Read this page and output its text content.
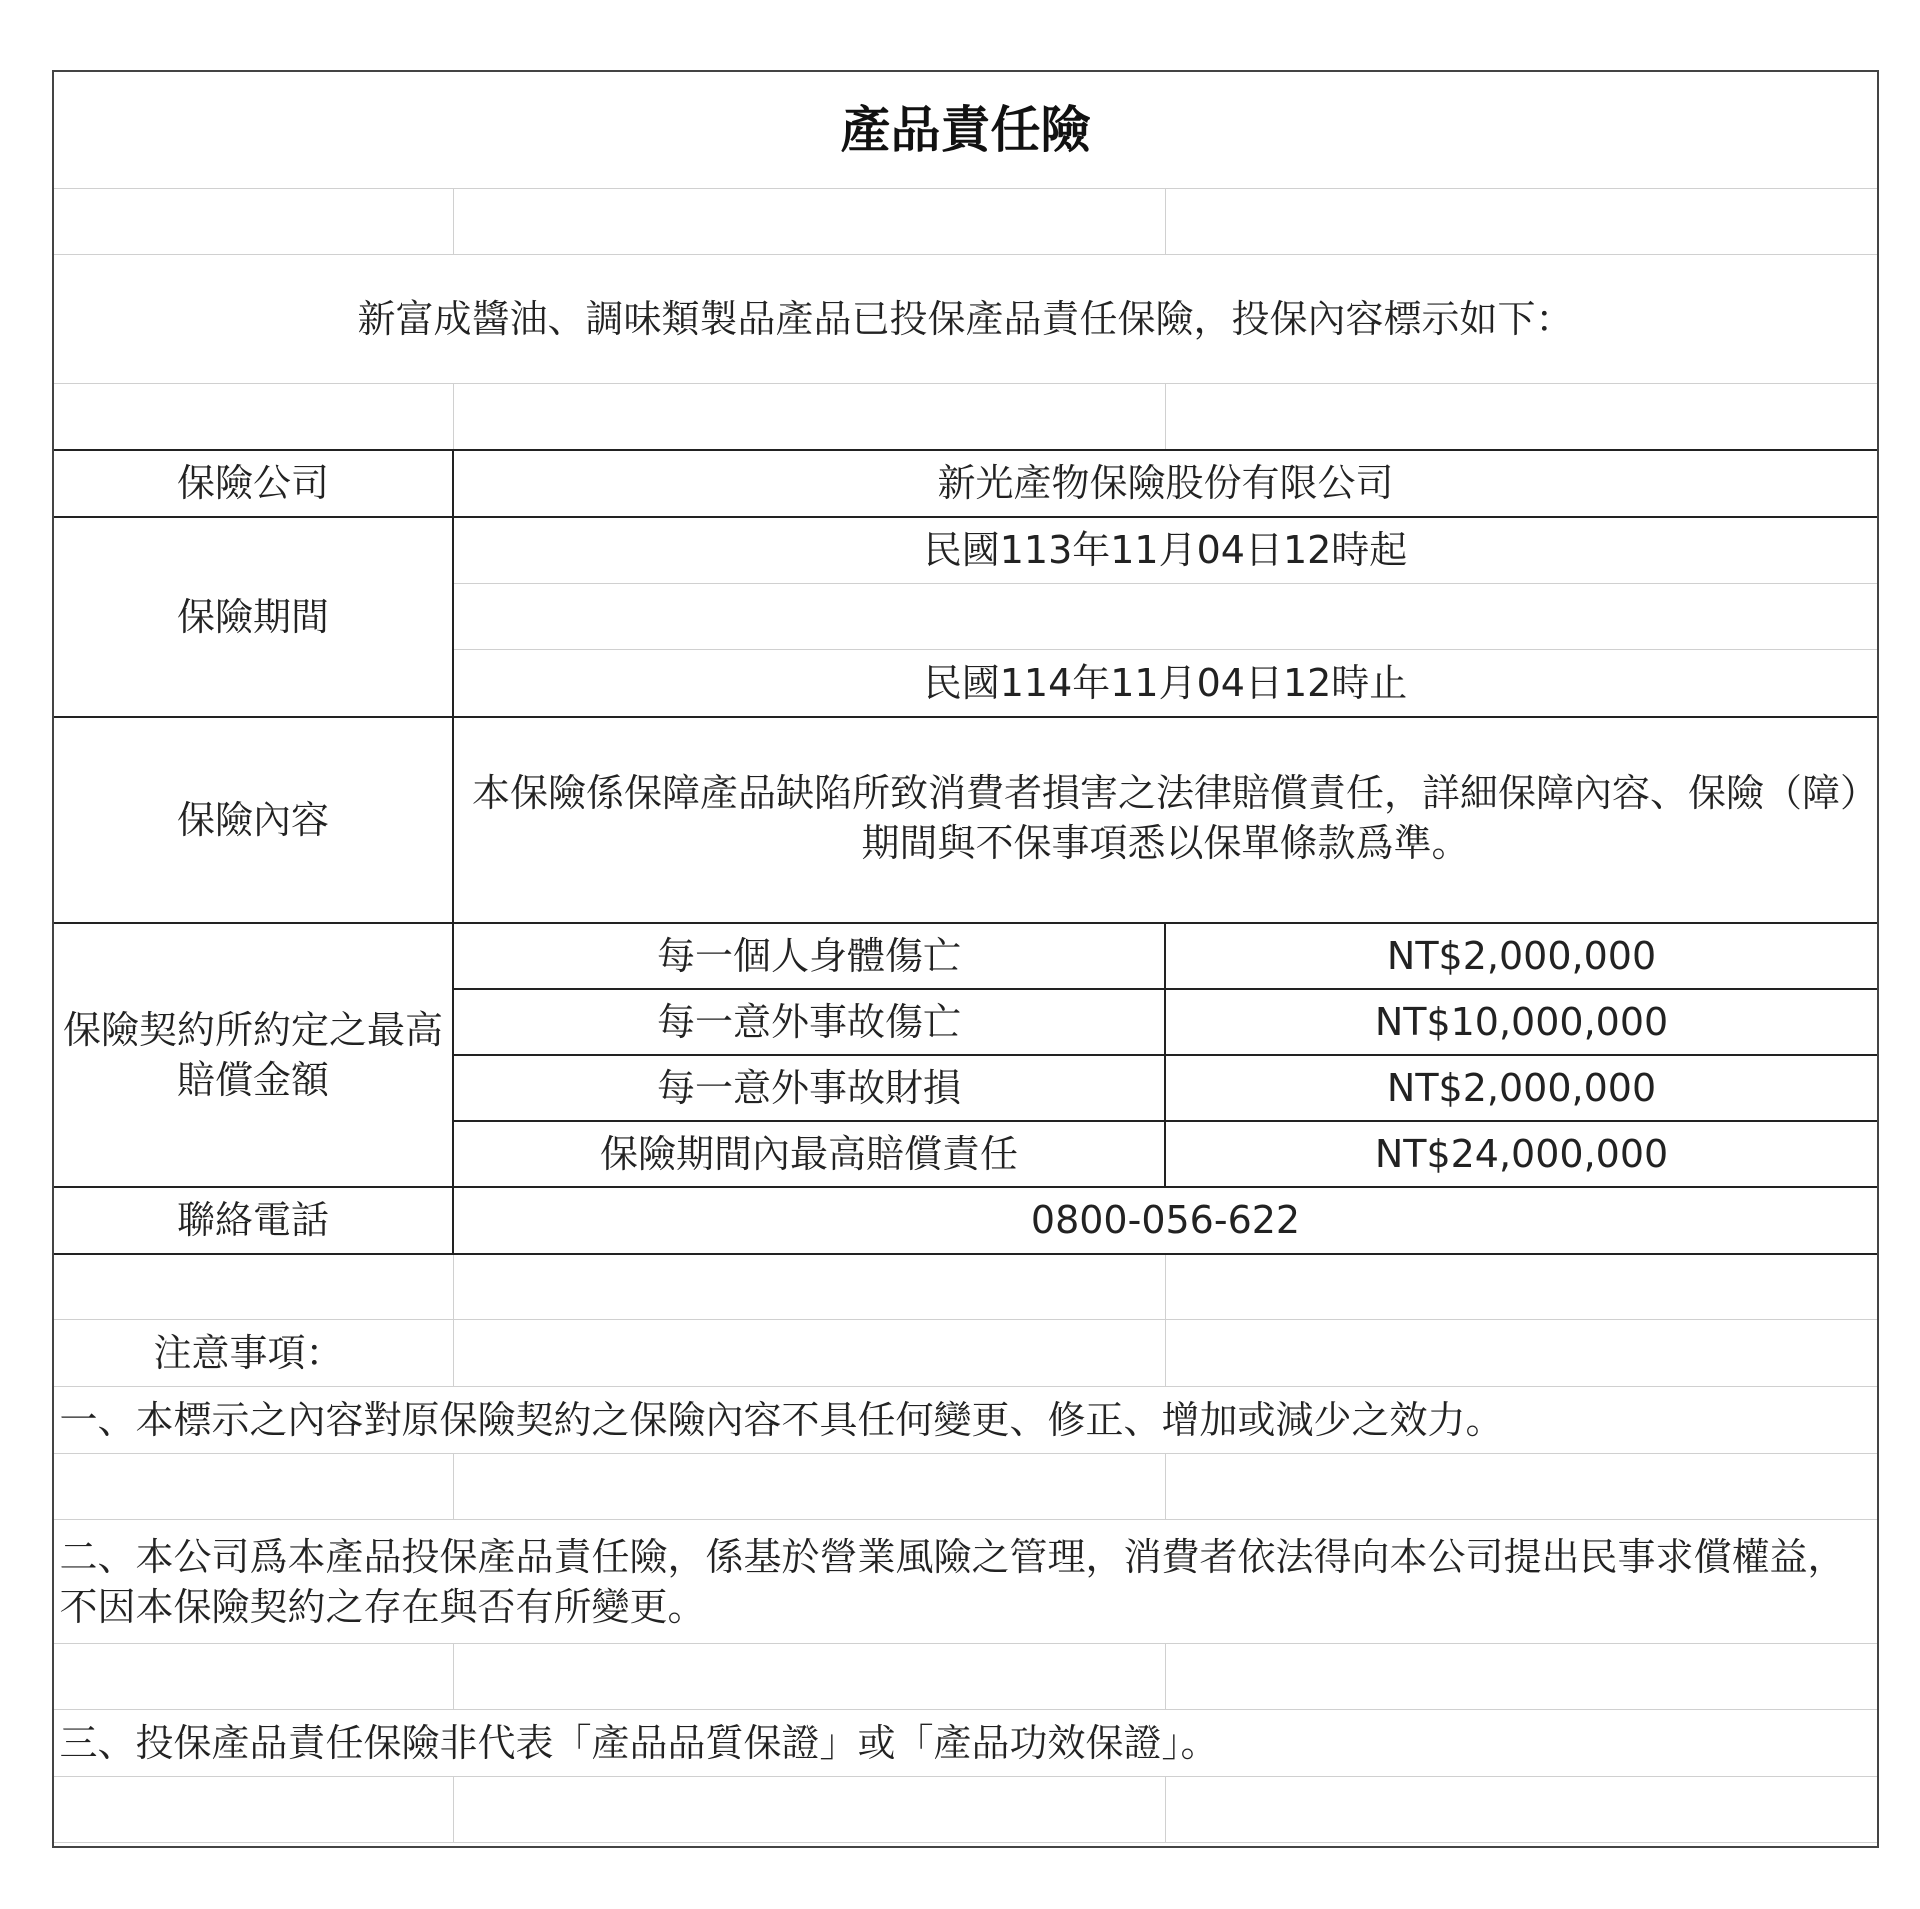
產品責任險		

新富成醬油、調味類製品產品已投保產品責任保險，投保內容標示如下：		

保險公司	新光產物保險股份有限公司	
保險期間	民國113年11月04日12時起	

	民國114年11月04日12時止	
保險內容	本保險係保障產品缺陷所致消費者損害之法律賠償責任，詳細保障內容、保險（障）期間與不保事項悉以保單條款爲準。	
保險契約所約定之最高賠償金額	每一個人身體傷亡	NT$2,000,000
	每一意外事故傷亡	NT$10,000,000
	每一意外事故財損	NT$2,000,000
	保險期間內最高賠償責任	NT$24,000,000
聯絡電話	0800-056-622	

注意事項：		
一、本標示之內容對原保險契約之保險內容不具任何變更、修正、增加或減少之效力。		

二、本公司爲本產品投保產品責任險，係基於營業風險之管理，消費者依法得向本公司提出民事求償權益，不因本保險契約之存在與否有所變更。		

三、投保產品責任保險非代表「產品品質保證」或「產品功效保證」。		
